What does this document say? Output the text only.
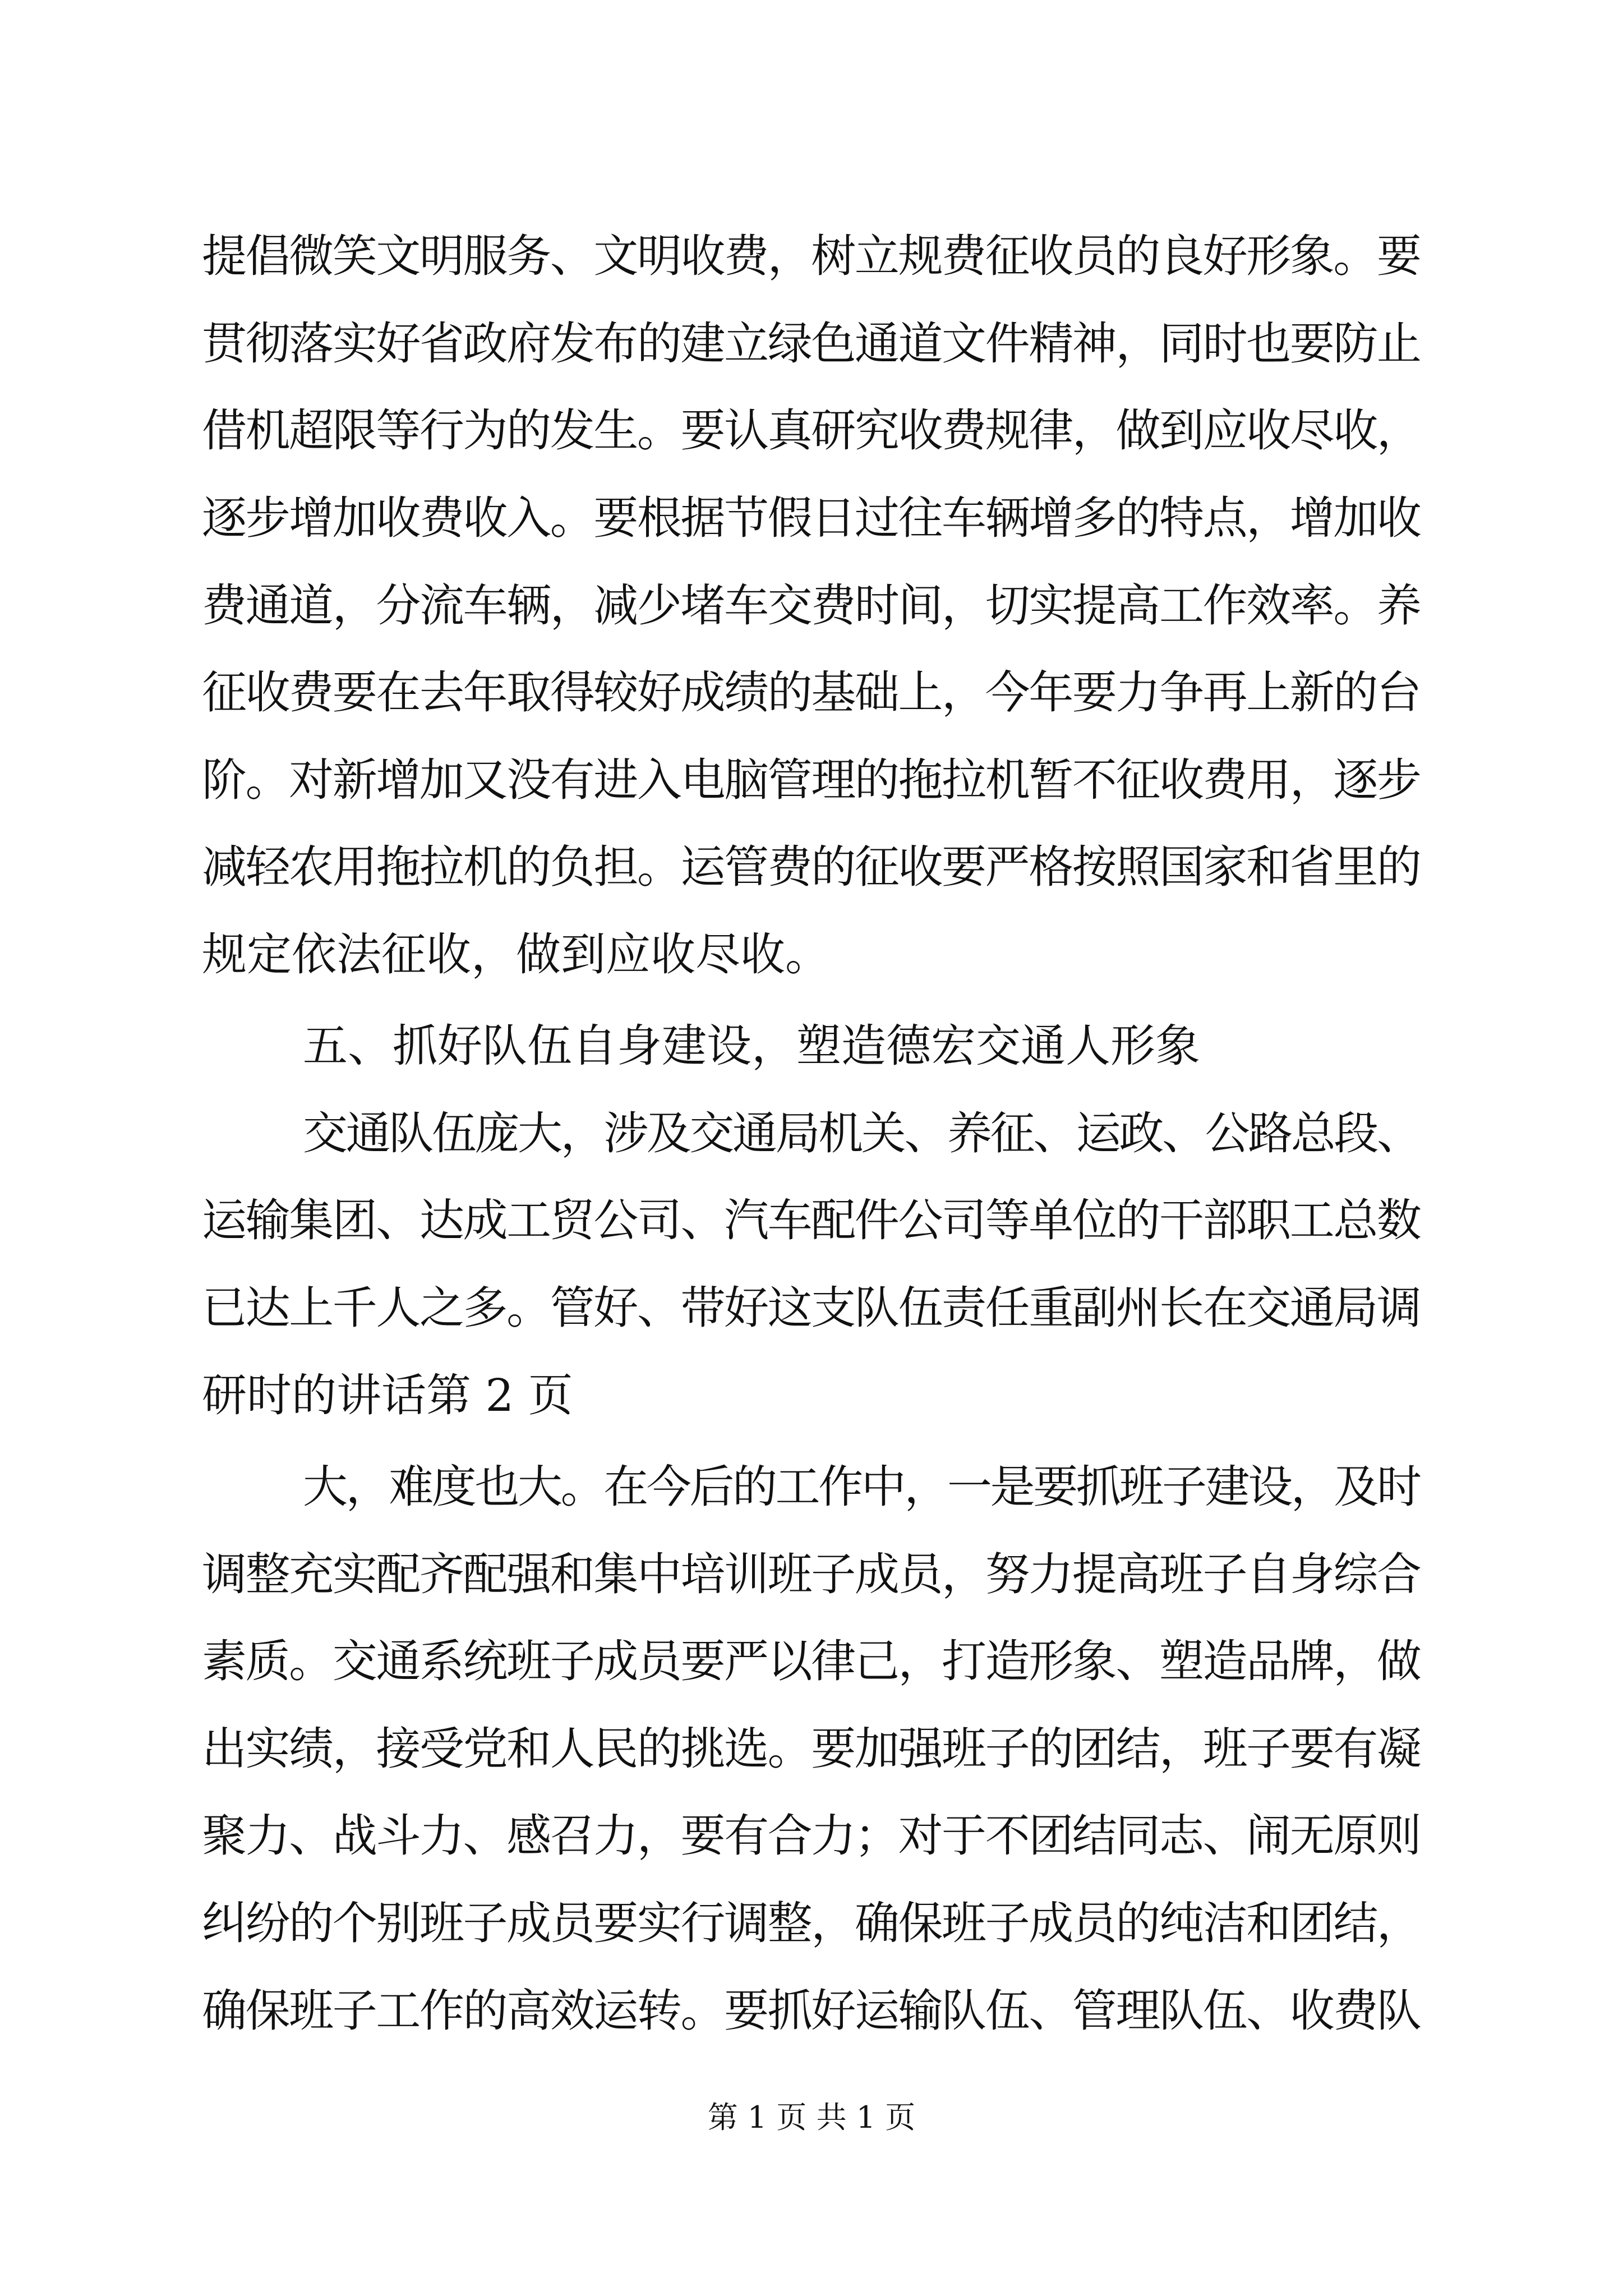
提倡微笑文明服务、文明收费，树立规费征收员的良好形象。要
贯彻落实好省政府发布的建立绿色通道文件精神，同时也要防止
借机超限等行为的发生。要认真研究收费规律，做到应收尽收，
逐步增加收费收入。要根据节假日过往车辆增多的特点，增加收
费通道，分流车辆，减少堵车交费时间，切实提高工作效率。养
征收费要在去年取得较好成绩的基础上，今年要力争再上新的台
阶。对新增加又没有进入电脑管理的拖拉机暂不征收费用，逐步
减轻农用拖拉机的负担。运管费的征收要严格按照国家和省里的
规定依法征收，做到应收尽收。
五、抓好队伍自身建设，塑造德宏交通人形象
交通队伍庞大，涉及交通局机关、养征、运政、公路总段、
运输集团、达成工贸公司、汽车配件公司等单位的干部职工总数
已达上千人之多。管好、带好这支队伍责任重副州长在交通局调
研时的讲话第 2 页
大，难度也大。在今后的工作中，一是要抓班子建设，及时
调整充实配齐配强和集中培训班子成员，努力提高班子自身综合
素质。交通系统班子成员要严以律己，打造形象、塑造品牌，做
出实绩，接受党和人民的挑选。要加强班子的团结，班子要有凝
聚力、战斗力、感召力，要有合力；对于不团结同志、闹无原则
纠纷的个别班子成员要实行调整，确保班子成员的纯洁和团结，
确保班子工作的高效运转。要抓好运输队伍、管理队伍、收费队
第 1 页 共 1 页
